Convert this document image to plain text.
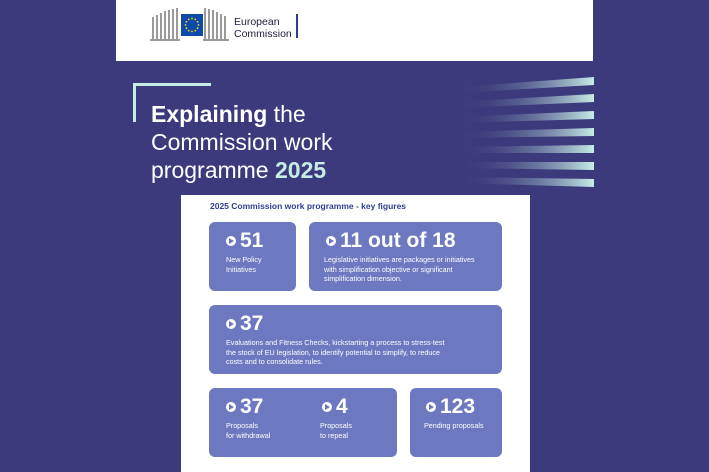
European
Commission
Explaining the
Commission work
programme 2025
2025 Commission work programme - key figures
51
New Policy
Initiatives
11 out of 18
Legislative initiatives are packages or initiatives
with simplification objective or significant
simplification dimension.
37
Evaluations and Fitness Checks, kickstarting a process to stress-test
the stock of EU legislation, to identify potential to simplify, to reduce
costs and to consolidate rules.
37
Proposals
for withdrawal
4
Proposals
to repeal
123
Pending proposals
